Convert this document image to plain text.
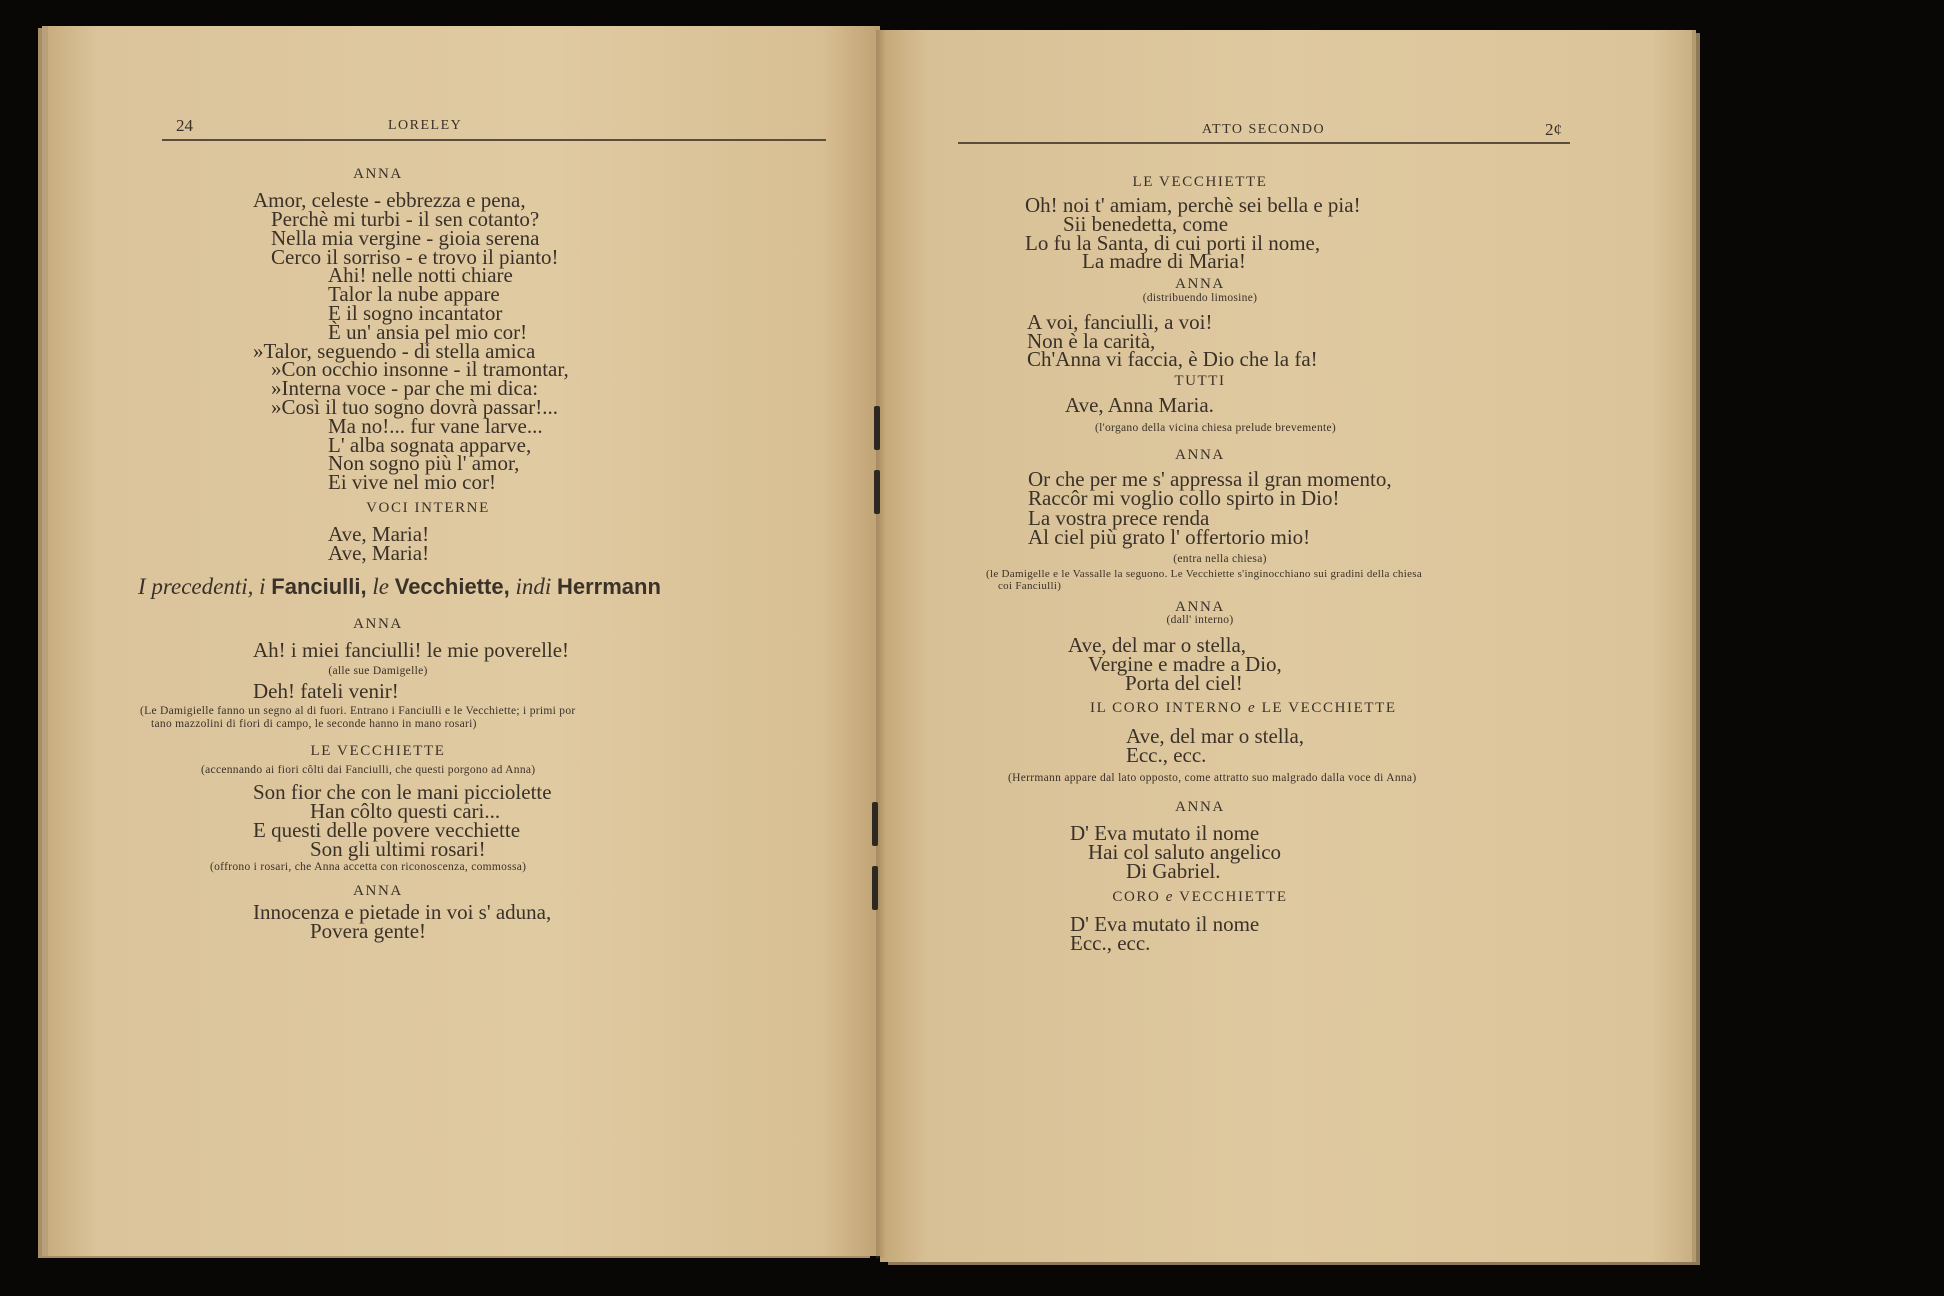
24	LORELEY
ANNA
Amor, celeste - ebbrezza e pena,
Perchè mi turbi - il sen cotanto?
Nella mia vergine - gioia serena
Cerco il sorriso - e trovo il pianto!
Ahi! nelle notti chiare
Talor la nube appare
E il sogno incantator
È un' ansia pel mio cor!
»Talor, seguendo - di stella amica
»Con occhio insonne - il tramontar,
»Interna voce - par che mi dica:
»Così il tuo sogno dovrà passar!...
Ma no!... fur vane larve...
L' alba sognata apparve,
Non sogno più l' amor,
Ei vive nel mio cor!
VOCI INTERNE
Ave, Maria!
Ave, Maria!
I precedenti, i Fanciulli, le Vecchiette, indi Herrmann
ANNA
Ah! i miei fanciulli! le mie poverelle!
(alle sue Damigelle)
Deh! fateli venir!
(Le Damigielle fanno un segno al di fuori. Entrano i Fanciulli e le Vecchiette; i primi por
tano mazzolini di fiori di campo, le seconde hanno in mano rosari)
LE VECCHIETTE
(accennando ai fiori côlti dai Fanciulli, che questi porgono ad Anna)
Son fior che con le mani picciolette
Han côlto questi cari...
E questi delle povere vecchiette
Son gli ultimi rosari!
(offrono i rosari, che Anna accetta con riconoscenza, commossa)
ANNA
Innocenza e pietade in voi s' aduna,
Povera gente!
ATTO SECONDO	2¢
LE VECCHIETTE
Oh! noi t' amiam, perchè sei bella e pia!
Sii benedetta, come
Lo fu la Santa, di cui porti il nome,
La madre di Maria!
ANNA
(distribuendo limosine)
A voi, fanciulli, a voi!
Non è la carità,
Ch'Anna vi faccia, è Dio che la fa!
TUTTI
Ave, Anna Maria.
(l'organo della vicina chiesa prelude brevemente)
ANNA
Or che per me s' appressa il gran momento,
Raccôr mi voglio collo spirto in Dio!
La vostra prece renda
Al ciel più grato l' offertorio mio!
(entra nella chiesa)
(le Damigelle e le Vassalle la seguono. Le Vecchiette s'inginocchiano sui gradini della chiesa
coi Fanciulli)
ANNA
(dall' interno)
Ave, del mar o stella,
Vergine e madre a Dio,
Porta del ciel!
IL CORO INTERNO e LE VECCHIETTE
Ave, del mar o stella,
Ecc., ecc.
(Herrmann appare dal lato opposto, come attratto suo malgrado dalla voce di Anna)
ANNA
D' Eva mutato il nome
Hai col saluto angelico
Di Gabriel.
CORO e VECCHIETTE
D' Eva mutato il nome
Ecc., ecc.
